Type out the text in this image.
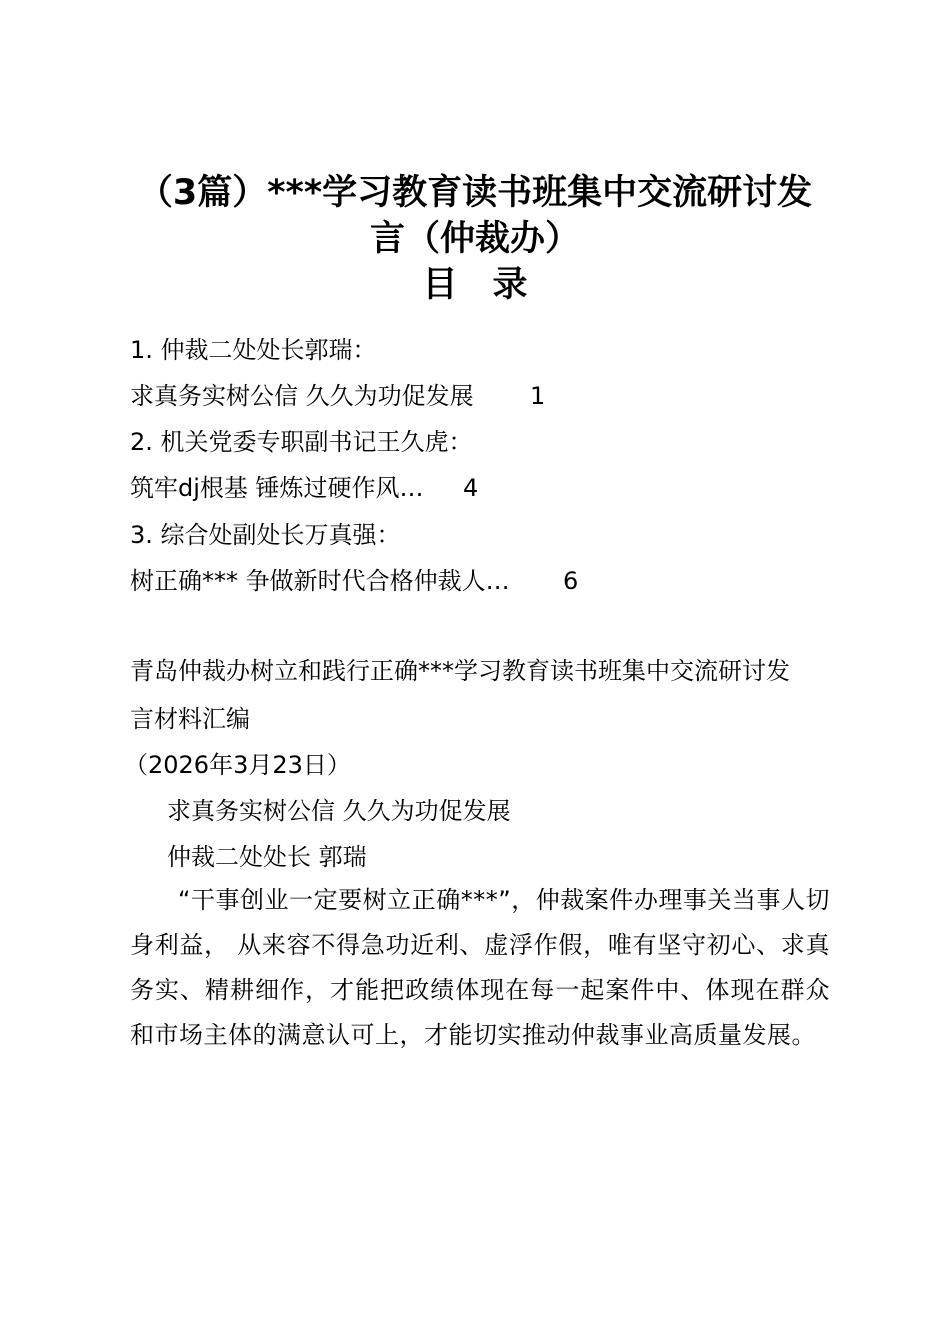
（3篇）***学习教育读书班集中交流研讨发
言（仲裁办）
目　录
1. 仲裁二处处长郭瑞：
求真务实树公信 久久为功促发展 1
2. 机关党委专职副书记王久虎：
筑牢dj根基 锤炼过硬作风… 4
3. 综合处副处长万真强：
树正确*** 争做新时代合格仲裁人… 6
青岛仲裁办树立和践行正确***学习教育读书班集中交流研讨发
言材料汇编
（2026年3月23日）
求真务实树公信 久久为功促发展
仲裁二处处长 郭瑞
“干事创业一定要树立正确***”，仲裁案件办理事关当事人切身利益， 从来容不得急功近利、虚浮作假，唯有坚守初心、求真务实、精耕细作，才能把政绩体现在每一起案件中、体现在群众和市场主体的满意认可上，才能切实推动仲裁事业高质量发展。
